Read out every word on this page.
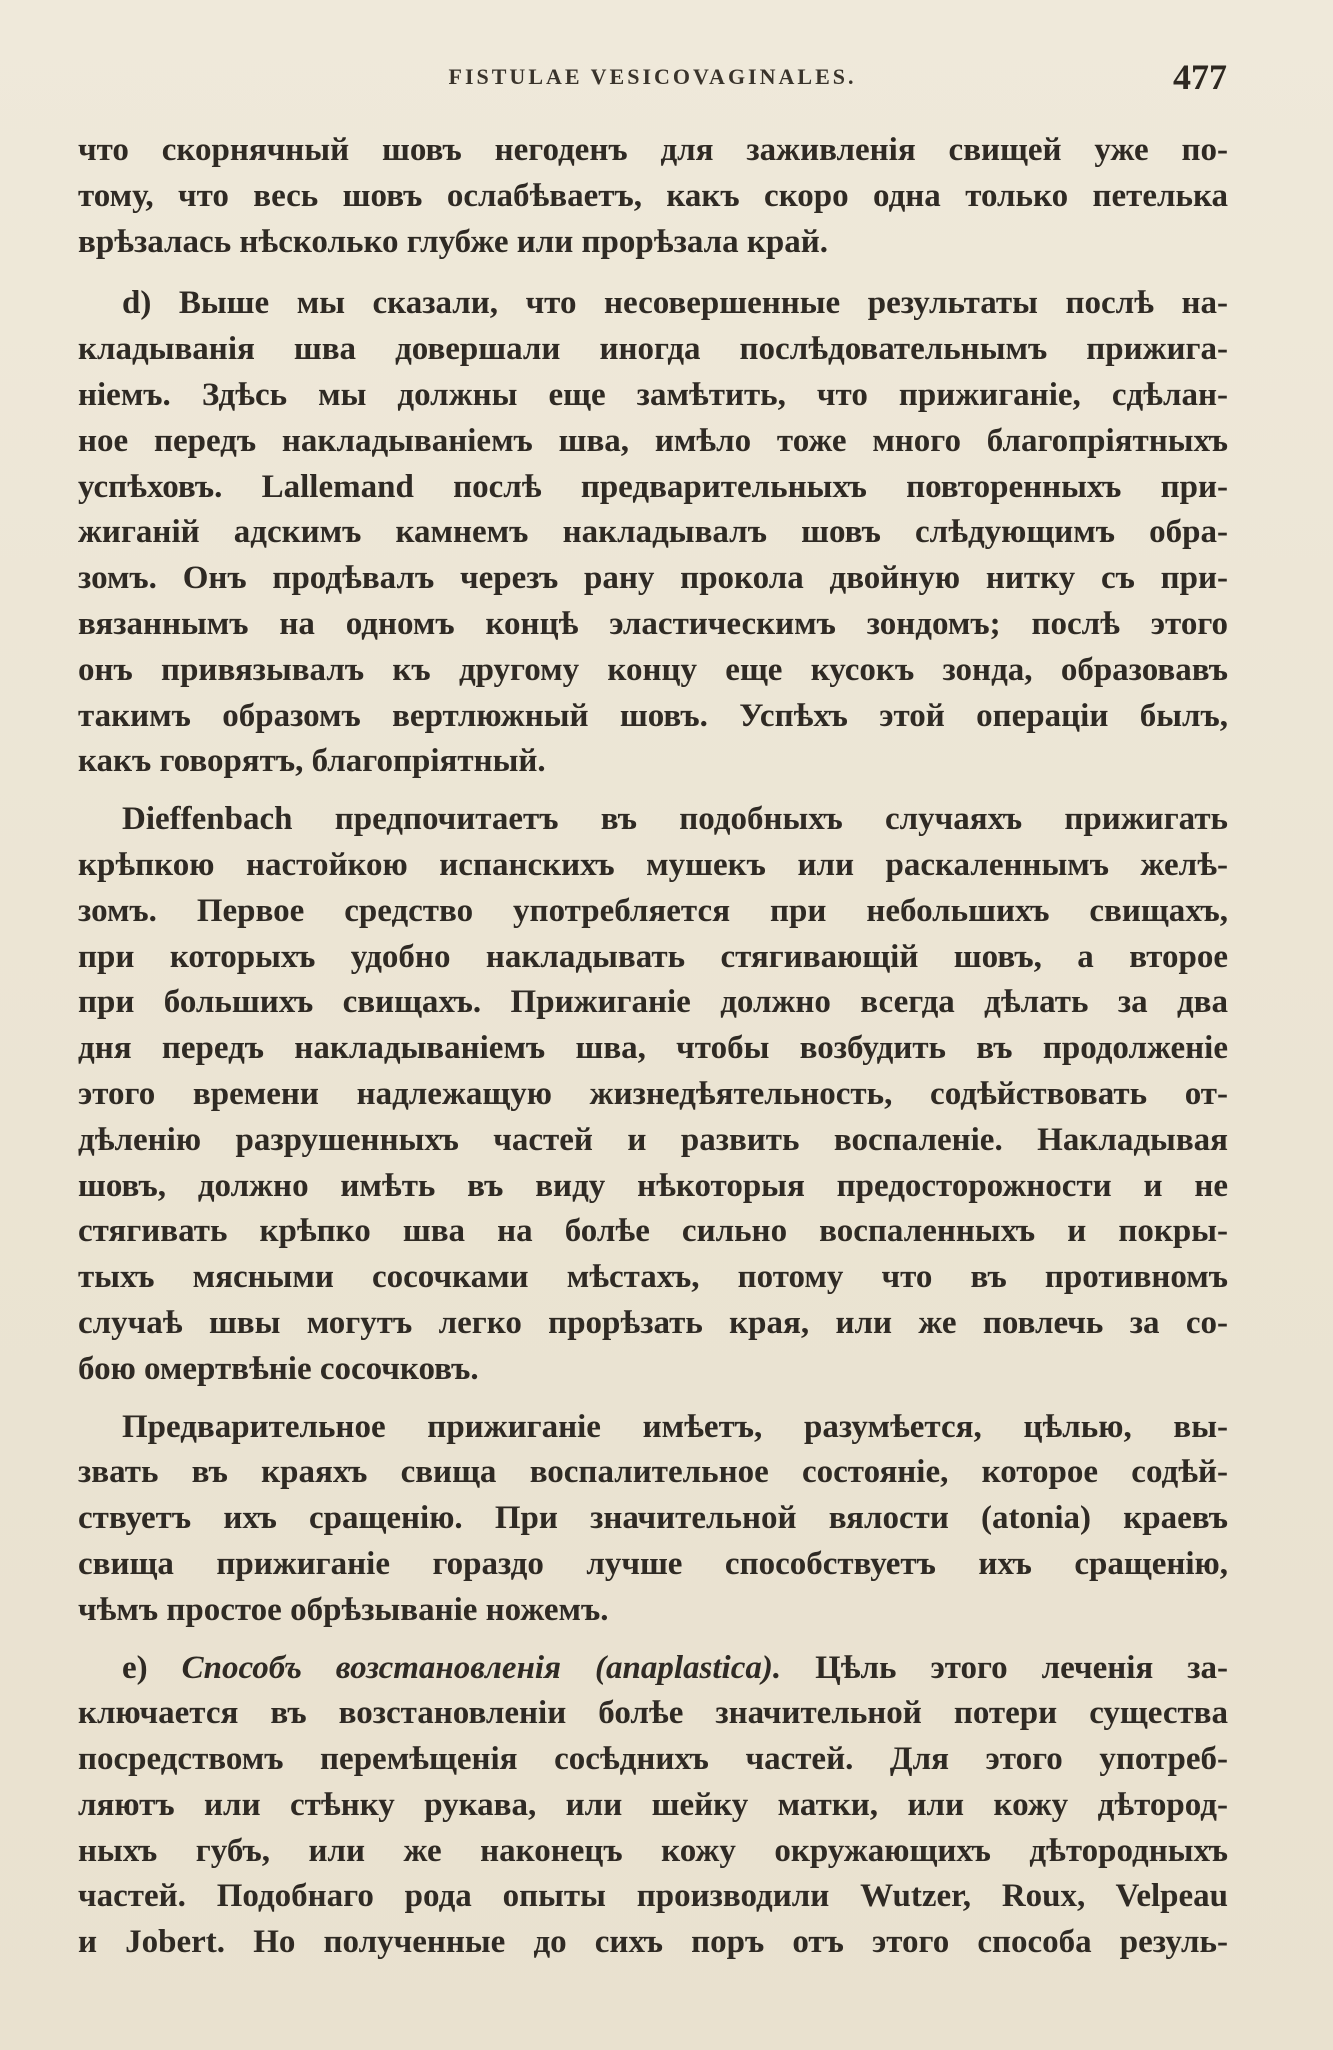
FISTULAE VESICOVAGINALES.	477
что скорнячный шовъ негоденъ для заживленія свищей уже по-
тому, что весь шовъ ослабѣваетъ, какъ скоро одна только петелька
врѣзалась нѣсколько глубже или прорѣзала край.
d) Выше мы сказали, что несовершенные результаты послѣ на-
кладыванія шва довершали иногда послѣдовательнымъ прижига-
ніемъ. Здѣсь мы должны еще замѣтить, что прижиганіе, сдѣлан-
ное передъ накладываніемъ шва, имѣло тоже много благопріятныхъ
успѣховъ. Lallemand послѣ предварительныхъ повторенныхъ при-
жиганій адскимъ камнемъ накладывалъ шовъ слѣдующимъ обра-
зомъ. Онъ продѣвалъ черезъ рану прокола двойную нитку съ при-
вязаннымъ на одномъ концѣ эластическимъ зондомъ; послѣ этого
онъ привязывалъ къ другому концу еще кусокъ зонда, образовавъ
такимъ образомъ вертлюжный шовъ. Успѣхъ этой операціи былъ,
какъ говорятъ, благопріятный.
Dieffenbach предпочитаетъ въ подобныхъ случаяхъ прижигать
крѣпкою настойкою испанскихъ мушекъ или раскаленнымъ желѣ-
зомъ. Первое средство употребляется при небольшихъ свищахъ,
при которыхъ удобно накладывать стягивающій шовъ, а второе
при большихъ свищахъ. Прижиганіе должно всегда дѣлать за два
дня передъ накладываніемъ шва, чтобы возбудить въ продолженіе
этого времени надлежащую жизнедѣятельность, содѣйствовать от-
дѣленію разрушенныхъ частей и развить воспаленіе. Накладывая
шовъ, должно имѣть въ виду нѣкоторыя предосторожности и не
стягивать крѣпко шва на болѣе сильно воспаленныхъ и покры-
тыхъ мясными сосочками мѣстахъ, потому что въ противномъ
случаѣ швы могутъ легко прорѣзать края, или же повлечь за со-
бою омертвѣніе сосочковъ.
Предварительное прижиганіе имѣетъ, разумѣется, цѣлью, вы-
звать въ краяхъ свища воспалительное состояніе, которое содѣй-
ствуетъ ихъ сращенію. При значительной вялости (atonia) краевъ
свища прижиганіе гораздо лучше способствуетъ ихъ сращенію,
чѣмъ простое обрѣзываніе ножемъ.
e) Способъ возстановленія (anaplastica). Цѣль этого леченія за-
ключается въ возстановленіи болѣе значительной потери существа
посредствомъ перемѣщенія сосѣднихъ частей. Для этого употреб-
ляютъ или стѣнку рукава, или шейку матки, или кожу дѣтород-
ныхъ губъ, или же наконецъ кожу окружающихъ дѣтородныхъ
частей. Подобнаго рода опыты производили Wutzer, Roux, Velpeau
и Jobert. Но полученные до сихъ поръ отъ этого способа резуль-
